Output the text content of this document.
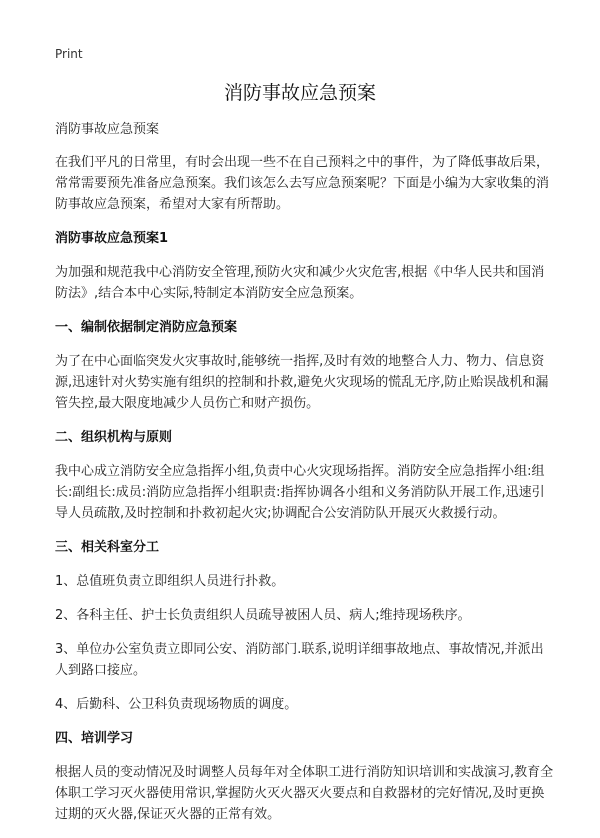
Print
消防事故应急预案

消防事故应急预案

在我们平凡的日常里，有时会出现一些不在自己预料之中的事件，为了降低事故后果，常常需要预先准备应急预案。我们该怎么去写应急预案呢？下面是小编为大家收集的消防事故应急预案，希望对大家有所帮助。

消防事故应急预案1

为加强和规范我中心消防安全管理,预防火灾和减少火灾危害,根据《中华人民共和国消防法》,结合本中心实际,特制定本消防安全应急预案。

一、编制依据制定消防应急预案

为了在中心面临突发火灾事故时,能够统一指挥,及时有效的地整合人力、物力、信息资源,迅速针对火势实施有组织的控制和扑救,避免火灾现场的慌乱无序,防止贻误战机和漏管失控,最大限度地减少人员伤亡和财产损伤。

二、组织机构与原则

我中心成立消防安全应急指挥小组,负责中心火灾现场指挥。消防安全应急指挥小组:组长:副组长:成员:消防应急指挥小组职责:指挥协调各小组和义务消防队开展工作,迅速引导人员疏散,及时控制和扑救初起火灾;协调配合公安消防队开展灭火救援行动。

三、相关科室分工

1、总值班负责立即组织人员进行扑救。

2、各科主任、护士长负责组织人员疏导被困人员、病人;维持现场秩序。

3、单位办公室负责立即同公安、消防部门.联系,说明详细事故地点、事故情况,并派出人到路口接应。

4、后勤科、公卫科负责现场物质的调度。

四、培训学习

根据人员的变动情况及时调整人员每年对全体职工进行消防知识培训和实战演习,教育全体职工学习灭火器使用常识,掌握防火灭火器灭火要点和自救器材的完好情况,及时更换过期的灭火器,保证灭火器的正常有效。
